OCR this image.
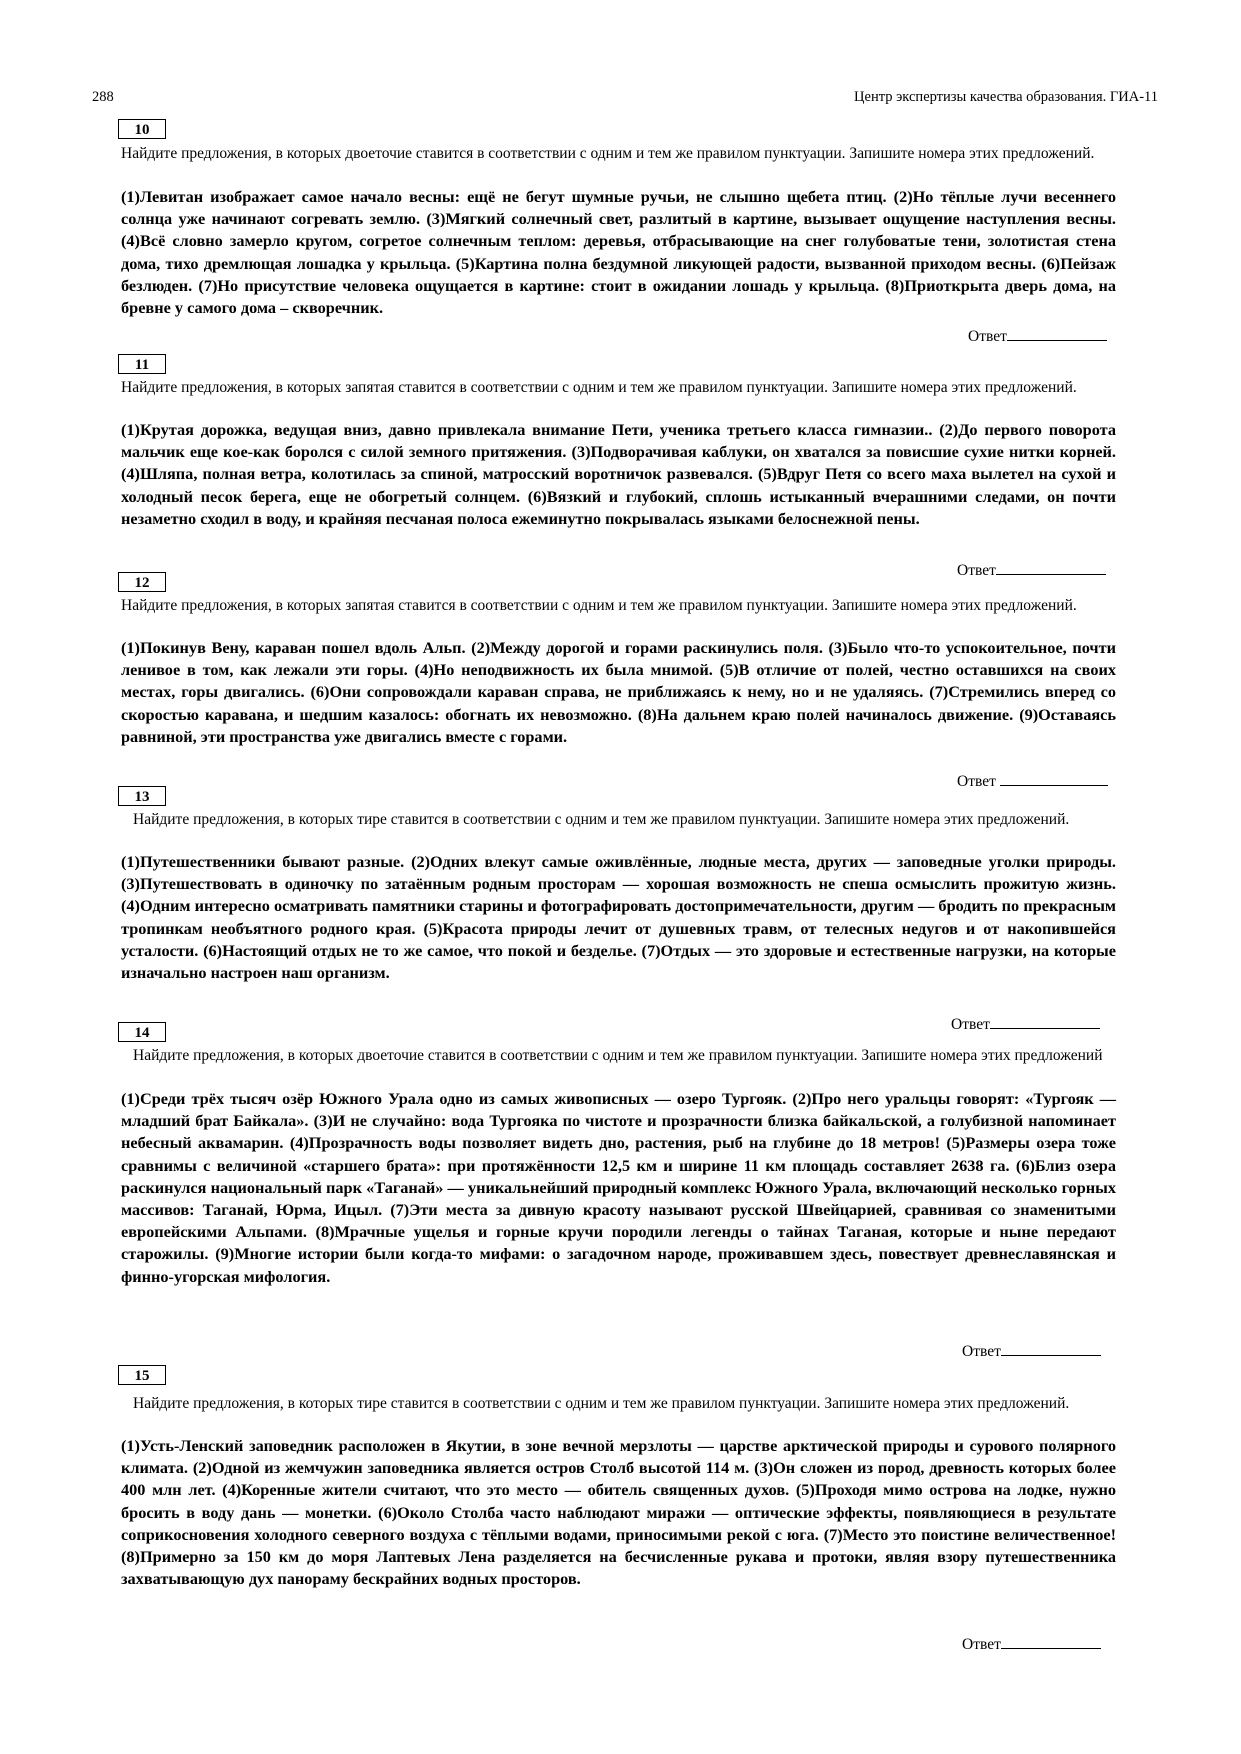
288	Центр экспертизы качества образования. ГИА-11
10
Найдите предложения, в которых двоеточие ставится в соответствии с одним и тем же правилом пунктуации. Запишите номера этих предложений.
(1)Левитан изображает самое начало весны: ещё не бегут шумные ручьи, не слышно щебета птиц. (2)Но тёплые лучи весеннего солнца уже начинают согревать землю. (3)Мягкий солнечный свет, разлитый в картине, вызывает ощущение наступления весны. (4)Всё словно замерло кругом, согретое солнечным теплом: деревья, отбрасывающие на снег голубоватые тени, золотистая стена дома, тихо дремлющая лошадка у крыльца. (5)Картина полна бездумной ликующей радости, вызванной приходом весны. (6)Пейзаж безлюден. (7)Но присутствие человека ощущается в картине: стоит в ожидании лошадь у крыльца. (8)Приоткрыта дверь дома, на бревне у самого дома – скворечник.
Ответ
11
Найдите предложения, в которых запятая ставится в соответствии с одним и тем же правилом пунктуации. Запишите номера этих предложений.
(1)Крутая дорожка, ведущая вниз, давно привлекала внимание Пети, ученика третьего класса гимназии.. (2)До первого поворота мальчик еще кое-как боролся с силой земного притяжения. (3)Подворачивая каблуки, он хватался за повисшие сухие нитки корней. (4)Шляпа, полная ветра, колотилась за спиной, матросский воротничок развевался. (5)Вдруг Петя со всего маха вылетел на сухой и холодный песок берега, еще не обогретый солнцем. (6)Вязкий и глубокий, сплошь истыканный вчерашними следами, он почти незаметно сходил в воду, и крайняя песчаная полоса ежеминутно покрывалась языками белоснежной пены.
Ответ
12
Найдите предложения, в которых запятая ставится в соответствии с одним и тем же правилом пунктуации. Запишите номера этих предложений.
(1)Покинув Вену, караван пошел вдоль Альп. (2)Между дорогой и горами раскинулись поля. (3)Было что-то успокоительное, почти ленивое в том, как лежали эти горы. (4)Но неподвижность их была мнимой. (5)В отличие от полей, честно оставшихся на своих местах, горы двигались. (6)Они сопровождали караван справа, не приближаясь к нему, но и не удаляясь. (7)Стремились вперед со скоростью каравана, и шедшим казалось: обогнать их невозможно. (8)На дальнем краю полей начиналось движение. (9)Оставаясь равниной, эти пространства уже двигались вместе с горами.
Ответ
13
Найдите предложения, в которых тире ставится в соответствии с одним и тем же правилом пунктуации. Запишите номера этих предложений.
(1)Путешественники бывают разные. (2)Одних влекут самые оживлённые, людные места, других — заповедные уголки природы. (3)Путешествовать в одиночку по затаённым родным просторам — хорошая возможность не спеша осмыслить прожитую жизнь. (4)Одним интересно осматривать памятники старины и фотографировать достопримечательности, другим — бродить по прекрасным тропинкам необъятного родного края. (5)Красота природы лечит от душевных травм, от телесных недугов и от накопившейся усталости. (6)Настоящий отдых не то же самое, что покой и безделье. (7)Отдых — это здоровые и естественные нагрузки, на которые изначально настроен наш организм.
Ответ
14
Найдите предложения, в которых двоеточие ставится в соответствии с одним и тем же правилом пунктуации. Запишите номера этих предложений
(1)Среди трёх тысяч озёр Южного Урала одно из самых живописных — озеро Тургояк. (2)Про него уральцы говорят: «Тургояк — младший брат Байкала». (3)И не случайно: вода Тургояка по чистоте и прозрачности близка байкальской, а голубизной напоминает небесный аквамарин. (4)Прозрачность воды позволяет видеть дно, растения, рыб на глубине до 18 метров! (5)Размеры озера тоже сравнимы с величиной «старшего брата»: при протяжённости 12,5 км и ширине 11 км площадь составляет 2638 га. (6)Близ озера раскинулся национальный парк «Таганай» — уникальнейший природный комплекс Южного Урала, включающий несколько горных массивов: Таганай, Юрма, Ицыл. (7)Эти места за дивную красоту называют русской Швейцарией, сравнивая со знаменитыми европейскими Альпами. (8)Мрачные ущелья и горные кручи породили легенды о тайнах Таганая, которые и ныне передают старожилы. (9)Многие истории были когда-то мифами: о загадочном народе, проживавшем здесь, повествует древнеславянская и финно-угорская мифология.
Ответ
15
Найдите предложения, в которых тире ставится в соответствии с одним и тем же правилом пунктуации. Запишите номера этих предложений.
(1)Усть-Ленский заповедник расположен в Якутии, в зоне вечной мерзлоты — царстве арктической природы и сурового полярного климата. (2)Одной из жемчужин заповедника является остров Столб высотой 114 м. (3)Он сложен из пород, древность которых более 400 млн лет. (4)Коренные жители считают, что это место — обитель священных духов. (5)Проходя мимо острова на лодке, нужно бросить в воду дань — монетки. (6)Около Столба часто наблюдают миражи — оптические эффекты, появляющиеся в результате соприкосновения холодного северного воздуха с тёплыми водами, приносимыми рекой с юга. (7)Место это поистине величественное! (8)Примерно за 150 км до моря Лаптевых Лена разделяется на бесчисленные рукава и протоки, являя взору путешественника захватывающую дух панораму бескрайних водных просторов.
Ответ
